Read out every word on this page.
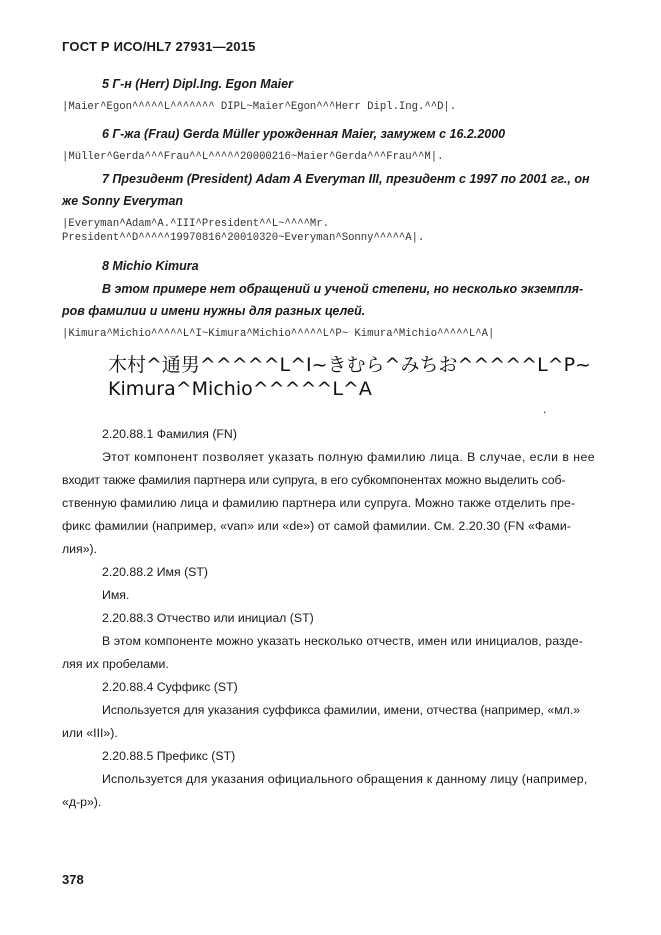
ГОСТ Р ИСО/HL7 27931—2015
5 Г-н (Herr) Dipl.Ing. Egon Maier
|Maier^Egon^^^^^L^^^^^^^ DIPL~Maier^Egon^^^Herr Dipl.Ing.^^D|.
6 Г-жа (Frau) Gerda Müller урожденная Maier, замужем с 16.2.2000
|Müller^Gerda^^^Frau^^L^^^^^20000216~Maier^Gerda^^^Frau^^M|.
7 Президент (President) Adam A Everyman III, президент с 1997 по 2001 гг., он
же Sonny Everyman
|Everyman^Adam^A.^III^President^^L~^^^^Mr.
President^^D^^^^^19970816^20010320~Everyman^Sonny^^^^^A|.
8 Michio Kimura
В этом примере нет обращений и ученой степени, но несколько экземпля-
ров фамилии и имени нужны для разных целей.
|Kimura^Michio^^^^^L^I~Kimura^Michio^^^^^L^P~ Kimura^Michio^^^^^L^A|
木村^通男^^^^^L^I~きむら^みちお^^^^^L^P~
Kimura^Michio^^^^^L^A
.
2.20.88.1 Фамилия (FN)
Этот компонент позволяет указать полную фамилию лица. В случае, если в нее
входит также фамилия партнера или супруга, в его субкомпонентах можно выделить соб-
ственную фамилию лица и фамилию партнера или супруга. Можно также отделить пре-
фикс фамилии (например, «van» или «de») от самой фамилии. См. 2.20.30 (FN «Фами-
лия»).
2.20.88.2 Имя (ST)
Имя.
2.20.88.3 Отчество или инициал (ST)
В этом компоненте можно указать несколько отчеств, имен или инициалов, разде-
ляя их пробелами.
2.20.88.4 Суффикс (ST)
Используется для указания суффикса фамилии, имени, отчества (например, «мл.»
или «III»).
2.20.88.5 Префикс (ST)
Используется для указания официального обращения к данному лицу (например,
«д-р»).
378
